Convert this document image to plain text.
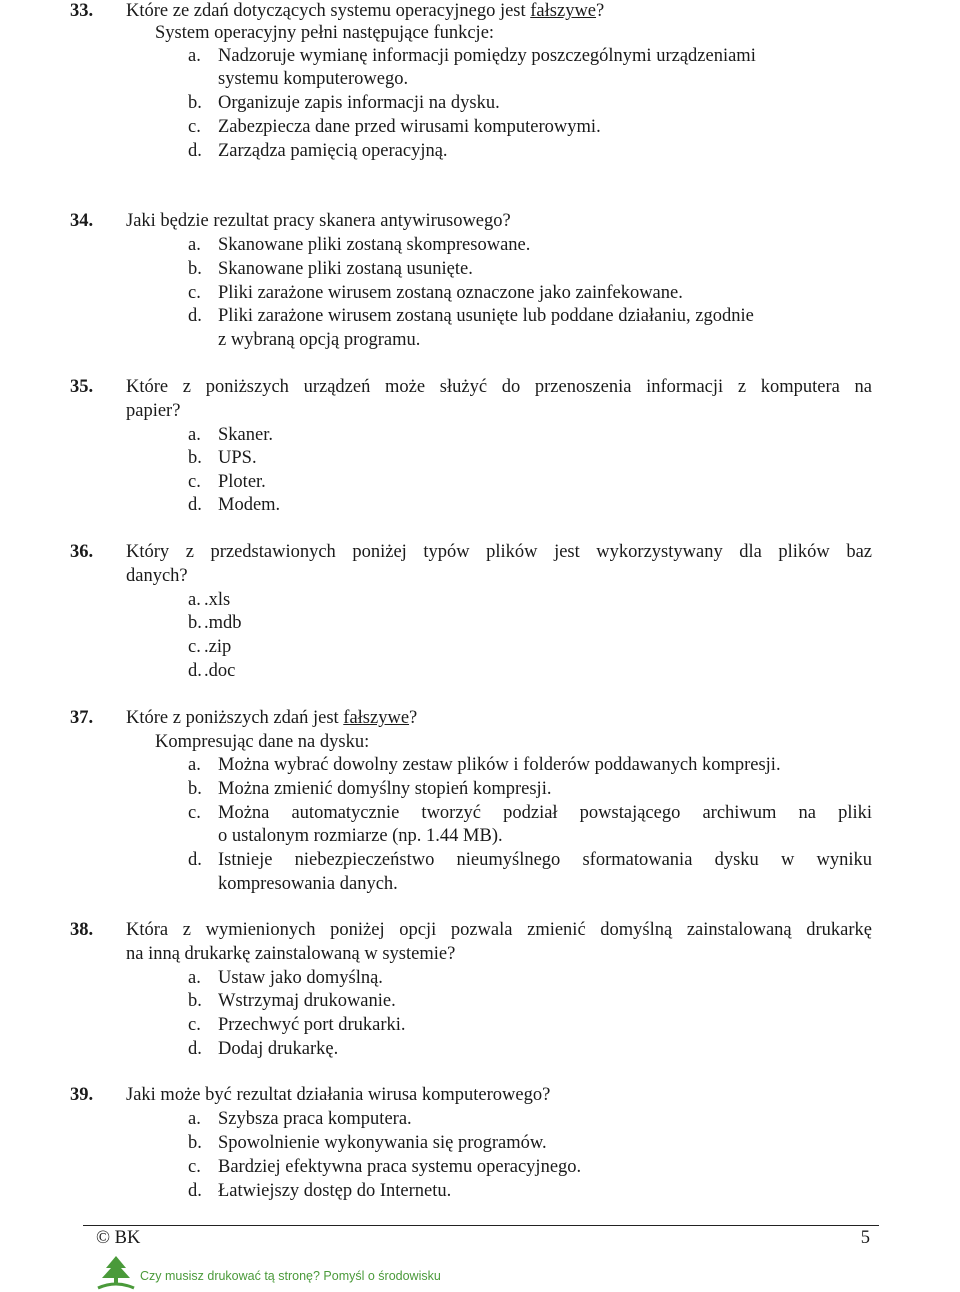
33. Które ze zdań dotyczących systemu operacyjnego jest fałszywe?
System operacyjny pełni następujące funkcje:
a. Nadzoruje wymianę informacji pomiędzy poszczególnymi urządzeniami
systemu komputerowego.
b. Organizuje zapis informacji na dysku.
c. Zabezpiecza dane przed wirusami komputerowymi.
d. Zarządza pamięcią operacyjną.
34. Jaki będzie rezultat pracy skanera antywirusowego?
a. Skanowane pliki zostaną skompresowane.
b. Skanowane pliki zostaną usunięte.
c. Pliki zarażone wirusem zostaną oznaczone jako zainfekowane.
d. Pliki zarażone wirusem zostaną usunięte lub poddane działaniu, zgodnie
z wybraną opcją programu.
35. Które z poniższych urządzeń może służyć do przenoszenia informacji z komputera na
papier?
a. Skaner.
b. UPS.
c. Ploter.
d. Modem.
36. Który z przedstawionych poniżej typów plików jest wykorzystywany dla plików baz
danych?
a. .xls
b. .mdb
c. .zip
d. .doc
37. Które z poniższych zdań jest fałszywe?
Kompresując dane na dysku:
a. Można wybrać dowolny zestaw plików i folderów poddawanych kompresji.
b. Można zmienić domyślny stopień kompresji.
c. Można automatycznie tworzyć podział powstającego archiwum na pliki
o ustalonym rozmiarze (np. 1.44 MB).
d. Istnieje niebezpieczeństwo nieumyślnego sformatowania dysku w wyniku
kompresowania danych.
38. Która z wymienionych poniżej opcji pozwala zmienić domyślną zainstalowaną drukarkę
na inną drukarkę zainstalowaną w systemie?
a. Ustaw jako domyślną.
b. Wstrzymaj drukowanie.
c. Przechwyć port drukarki.
d. Dodaj drukarkę.
39. Jaki może być rezultat działania wirusa komputerowego?
a. Szybsza praca komputera.
b. Spowolnienie wykonywania się programów.
c. Bardziej efektywna praca systemu operacyjnego.
d. Łatwiejszy dostęp do Internetu.
© BK	5
Czy musisz drukować tą stronę? Pomyśl o środowisku
